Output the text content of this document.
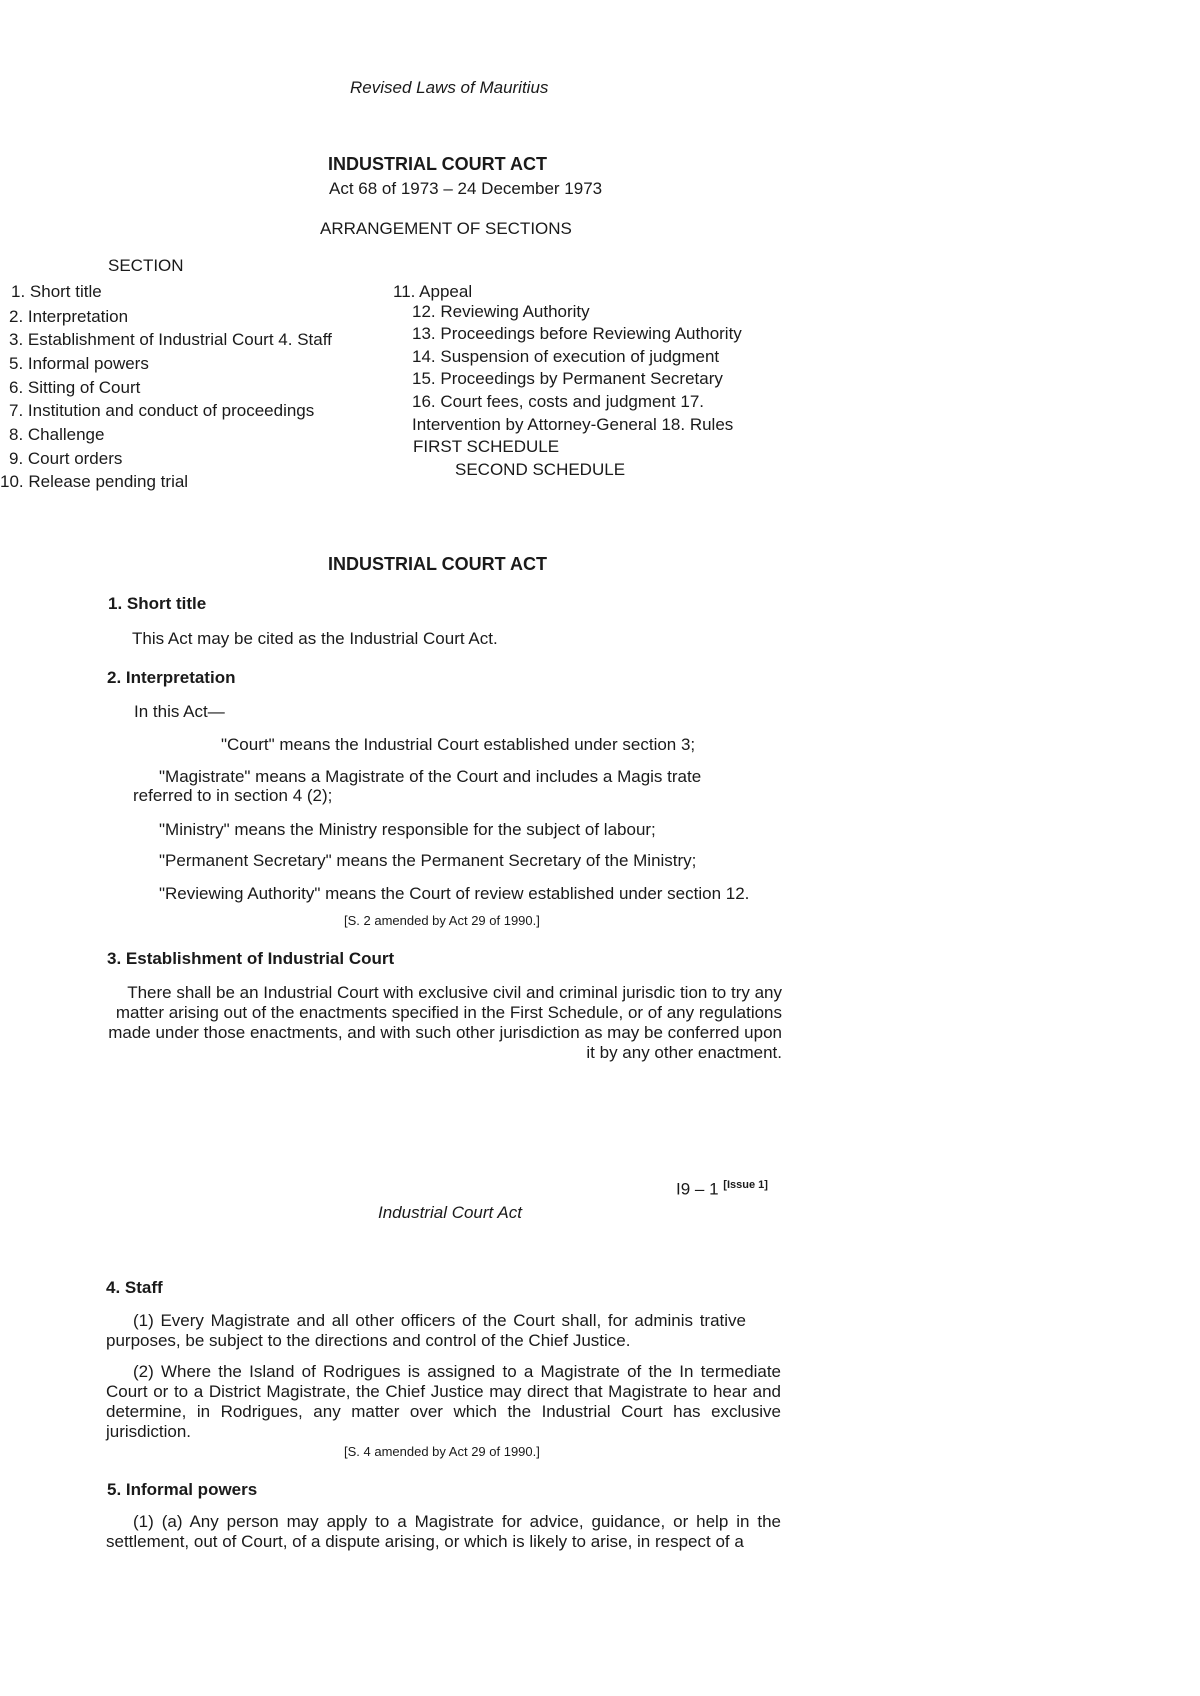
Revised Laws of Mauritius
INDUSTRIAL COURT ACT
Act 68 of 1973 – 24 December 1973
ARRANGEMENT OF SECTIONS
SECTION
1. Short title
2. Interpretation
3. Establishment of Industrial Court 4. Staff
5. Informal powers
6. Sitting of Court
7. Institution and conduct of proceedings
8. Challenge
9. Court orders
10. Release pending trial
11. Appeal
12. Reviewing Authority
13. Proceedings before Reviewing Authority
14. Suspension of execution of judgment
15. Proceedings by Permanent Secretary
16. Court fees, costs and judgment 17.
Intervention by Attorney-General 18. Rules
FIRST SCHEDULE
SECOND SCHEDULE
INDUSTRIAL COURT ACT
1. Short title
This Act may be cited as the Industrial Court Act.
2. Interpretation
In this Act—
"Court" means the Industrial Court established under section 3;
"Magistrate" means a Magistrate of the Court and includes a Magis trate
referred to in section 4 (2);
"Ministry" means the Ministry responsible for the subject of labour;
"Permanent Secretary" means the Permanent Secretary of the Ministry;
"Reviewing Authority" means the Court of review established under section 12.
[S. 2 amended by Act 29 of 1990.]
3. Establishment of Industrial Court
There shall be an Industrial Court with exclusive civil and criminal jurisdic tion to try any matter arising out of the enactments specified in the First Schedule, or of any regulations made under those enactments, and with such other jurisdiction as may be conferred upon it by any other enactment.
I9 – 1 [Issue 1]
Industrial Court Act
4. Staff
(1) Every Magistrate and all other officers of the Court shall, for adminis trative purposes, be subject to the directions and control of the Chief Justice.
(2) Where the Island of Rodrigues is assigned to a Magistrate of the In termediate Court or to a District Magistrate, the Chief Justice may direct that Magistrate to hear and determine, in Rodrigues, any matter over which the Industrial Court has exclusive jurisdiction.
[S. 4 amended by Act 29 of 1990.]
5. Informal powers
(1) (a) Any person may apply to a Magistrate for advice, guidance, or help in the settlement, out of Court, of a dispute arising, or which is likely to arise, in respect of a
